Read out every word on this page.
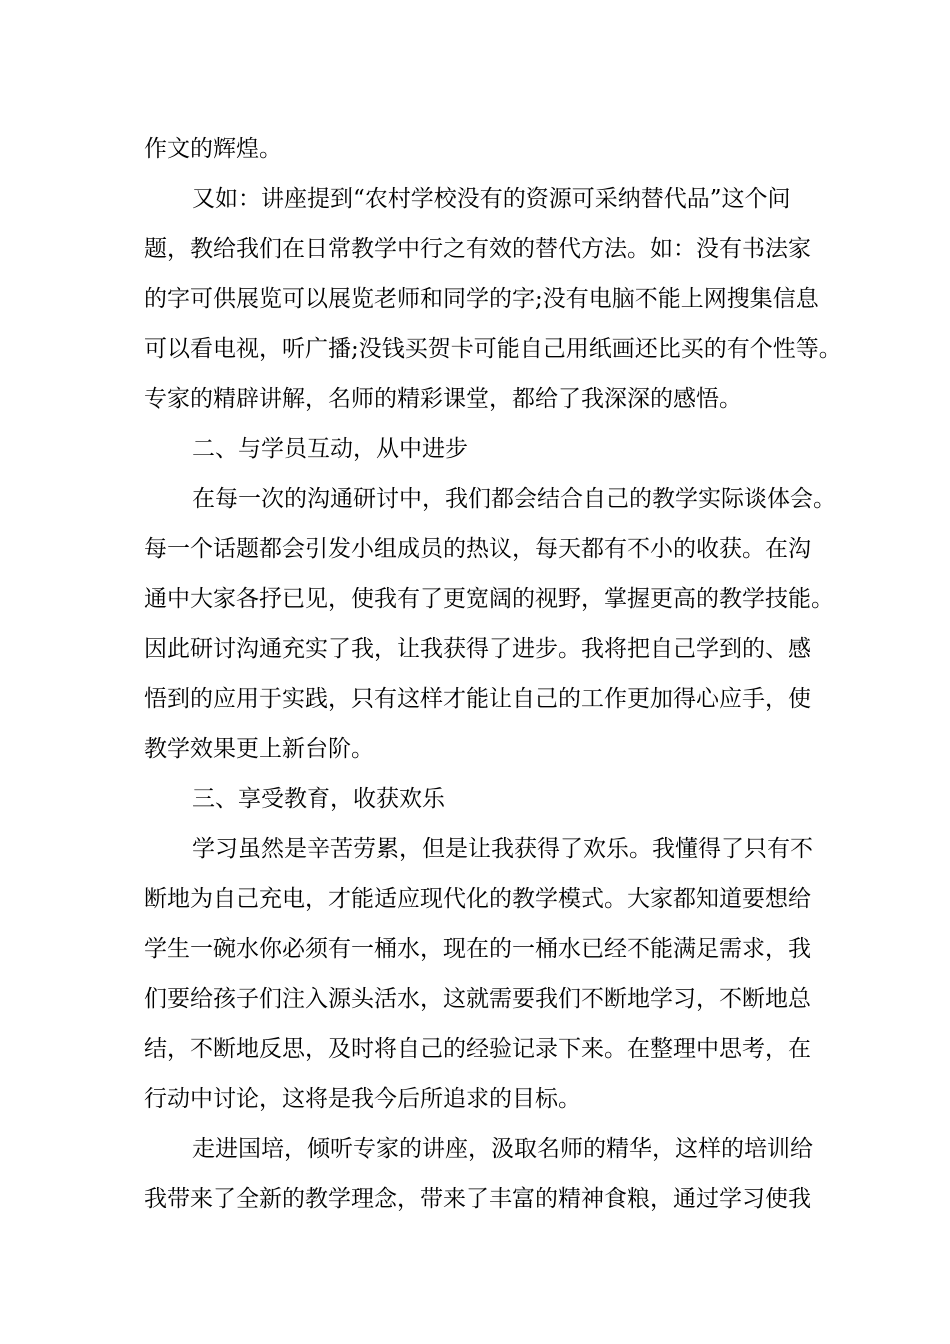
作文的辉煌。
又如：讲座提到“农村学校没有的资源可采纳替代品”这个问
题，教给我们在日常教学中行之有效的替代方法。如：没有书法家
的字可供展览可以展览老师和同学的字;没有电脑不能上网搜集信息
可以看电视，听广播;没钱买贺卡可能自己用纸画还比买的有个性等。
专家的精辟讲解，名师的精彩课堂，都给了我深深的感悟。
二、与学员互动，从中进步
在每一次的沟通研讨中，我们都会结合自己的教学实际谈体会。
每一个话题都会引发小组成员的热议，每天都有不小的收获。在沟
通中大家各抒已见，使我有了更宽阔的视野，掌握更高的教学技能。
因此研讨沟通充实了我，让我获得了进步。我将把自己学到的、感
悟到的应用于实践，只有这样才能让自己的工作更加得心应手，使
教学效果更上新台阶。
三、享受教育，收获欢乐
学习虽然是辛苦劳累，但是让我获得了欢乐。我懂得了只有不
断地为自己充电，才能适应现代化的教学模式。大家都知道要想给
学生一碗水你必须有一桶水，现在的一桶水已经不能满足需求，我
们要给孩子们注入源头活水，这就需要我们不断地学习，不断地总
结，不断地反思，及时将自己的经验记录下来。在整理中思考，在
行动中讨论，这将是我今后所追求的目标。
走进国培，倾听专家的讲座，汲取名师的精华，这样的培训给
我带来了全新的教学理念，带来了丰富的精神食粮，通过学习使我
